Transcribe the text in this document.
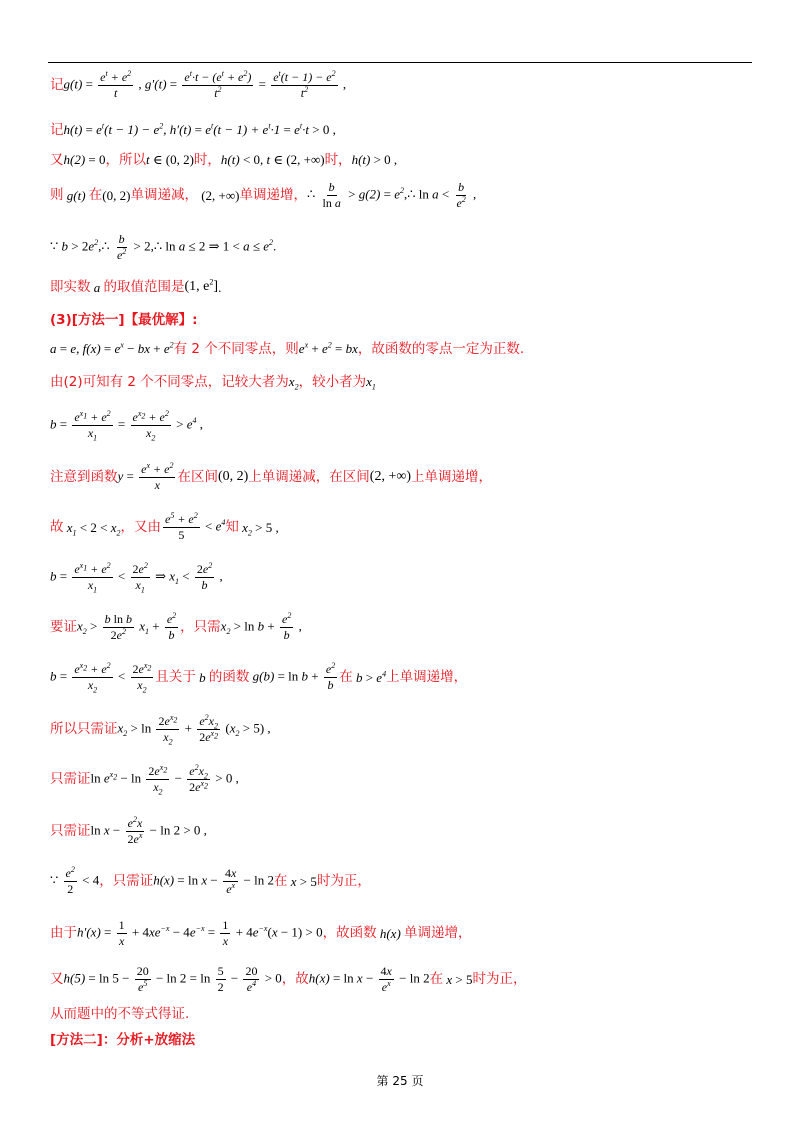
记 $g(t) = \frac{e^t + e^2}{t}$ , $g'(t) = \frac{e^t\cdot t - (e^t + e^2)}{t^2} = \frac{e^t(t - 1) - e^2}{t^2}$ ,
记 $h(t) = e^t(t - 1) - e^2$, $h'(t) = e^t(t - 1) + e^t\cdot 1 = e^t\cdot t > 0$ ,
又 h(2) = 0 ，所以 t ∈ (0, 2) 时， h(t) < 0, t ∈ (2, +∞) 时， h(t) > 0 ,
则 g(t) 在 (0, 2) 单调递减， (2, +∞) 单调递增， ∴ $\frac{b}{\text{ln a}} > g(2)$ = $e^2,\therefore$ $\ln a < \frac{b}{e^2}$ ,
∵ $b > 2e^2,\therefore \frac{b}{e^2}$ > 2,∴ ln a ≤ 2 ⇒ $1 < a \le e^2$.
即实数 a 的取值范围是 (1, $e^2$] .
(3)[方法一]【最优解】:
a = e, $f(x) = e^x$ − bx + $e^2$ 有 2 个不同零点，则 $e^x + e^2$ = bx ，故函数的零点一定为正数.
由(2)可知有 2 个不同零点，记较大者为 $x_2$ ，较小者为 $x_1$
$b = \frac{e^{x_1} + e^2}{x_1} = \frac{e^{x_2} + e^2}{x_2} > e^4$ ,
注意到函数 $y = \frac{e^x + e^2}{x}$ 在区间 (0, 2) 上单调递减，在区间 (2, +∞) 上单调递增，
故 $x_1 < 2 < x_2$ ，又由 $\frac{e^5 + e^2}{5} < e^4$ 知 $x_2 > 5$ ,
$b = \frac{e^{x_1} + e^2}{x_1} < \frac{2e^2}{x_1}$ ⇒ $x_1 < \frac{2e^2}{b}$ ,
要证 $x_2 > \frac{\text{b ln b}}{2e^2} x_1 + \frac{e^2}{b}$ ，只需 $x_2 > \ln b + \frac{e^2}{b}$ ,
$b = \frac{e^{x_2} + e^2}{x_2} < \frac{2e^{x_2}}{x_2}$ 且关于 b 的函数 $g(b) = \ln b + \frac{e^2}{b}$ 在 $b > e^4$ 上单调递增，
所以只需证 $x_2 > \ln \frac{2e^{x_2}}{x_2} + \frac{e^2x_2}{2e^{x_2}} (x_2 > 5)$ ,
只需证 $\ln e^{x_2} - \ln \frac{2e^{x_2}}{x_2} - \frac{e^2x_2}{2e^{x_2}} > 0$ ,
只需证 $\ln x - \frac{e^2x}{2e^x} - \ln 2 > 0$ ,
∵ $\frac{e^2}{2} < 4$ ，只需证 $h(x) = \ln x - \frac{4x}{e^x} - \ln 2$ 在 x > 5 时为正，
由于 $h'(x) = \frac{1}{x} + 4xe^{-x} - 4e^{-x} = \frac{1}{x} + 4e^{-x}(x - 1) > 0$ ，故函数 h(x) 单调递增，
又 $h(5) = \ln 5 - \frac{20}{e^5} - \ln 2 = \ln \frac{5}{2} - \frac{20}{e^4} > 0$ ，故 $h(x) = \ln x - \frac{4x}{e^x} - \ln 2$ 在 x > 5 时为正，
从而题中的不等式得证.
[方法二]：分析+放缩法
第 25 页
